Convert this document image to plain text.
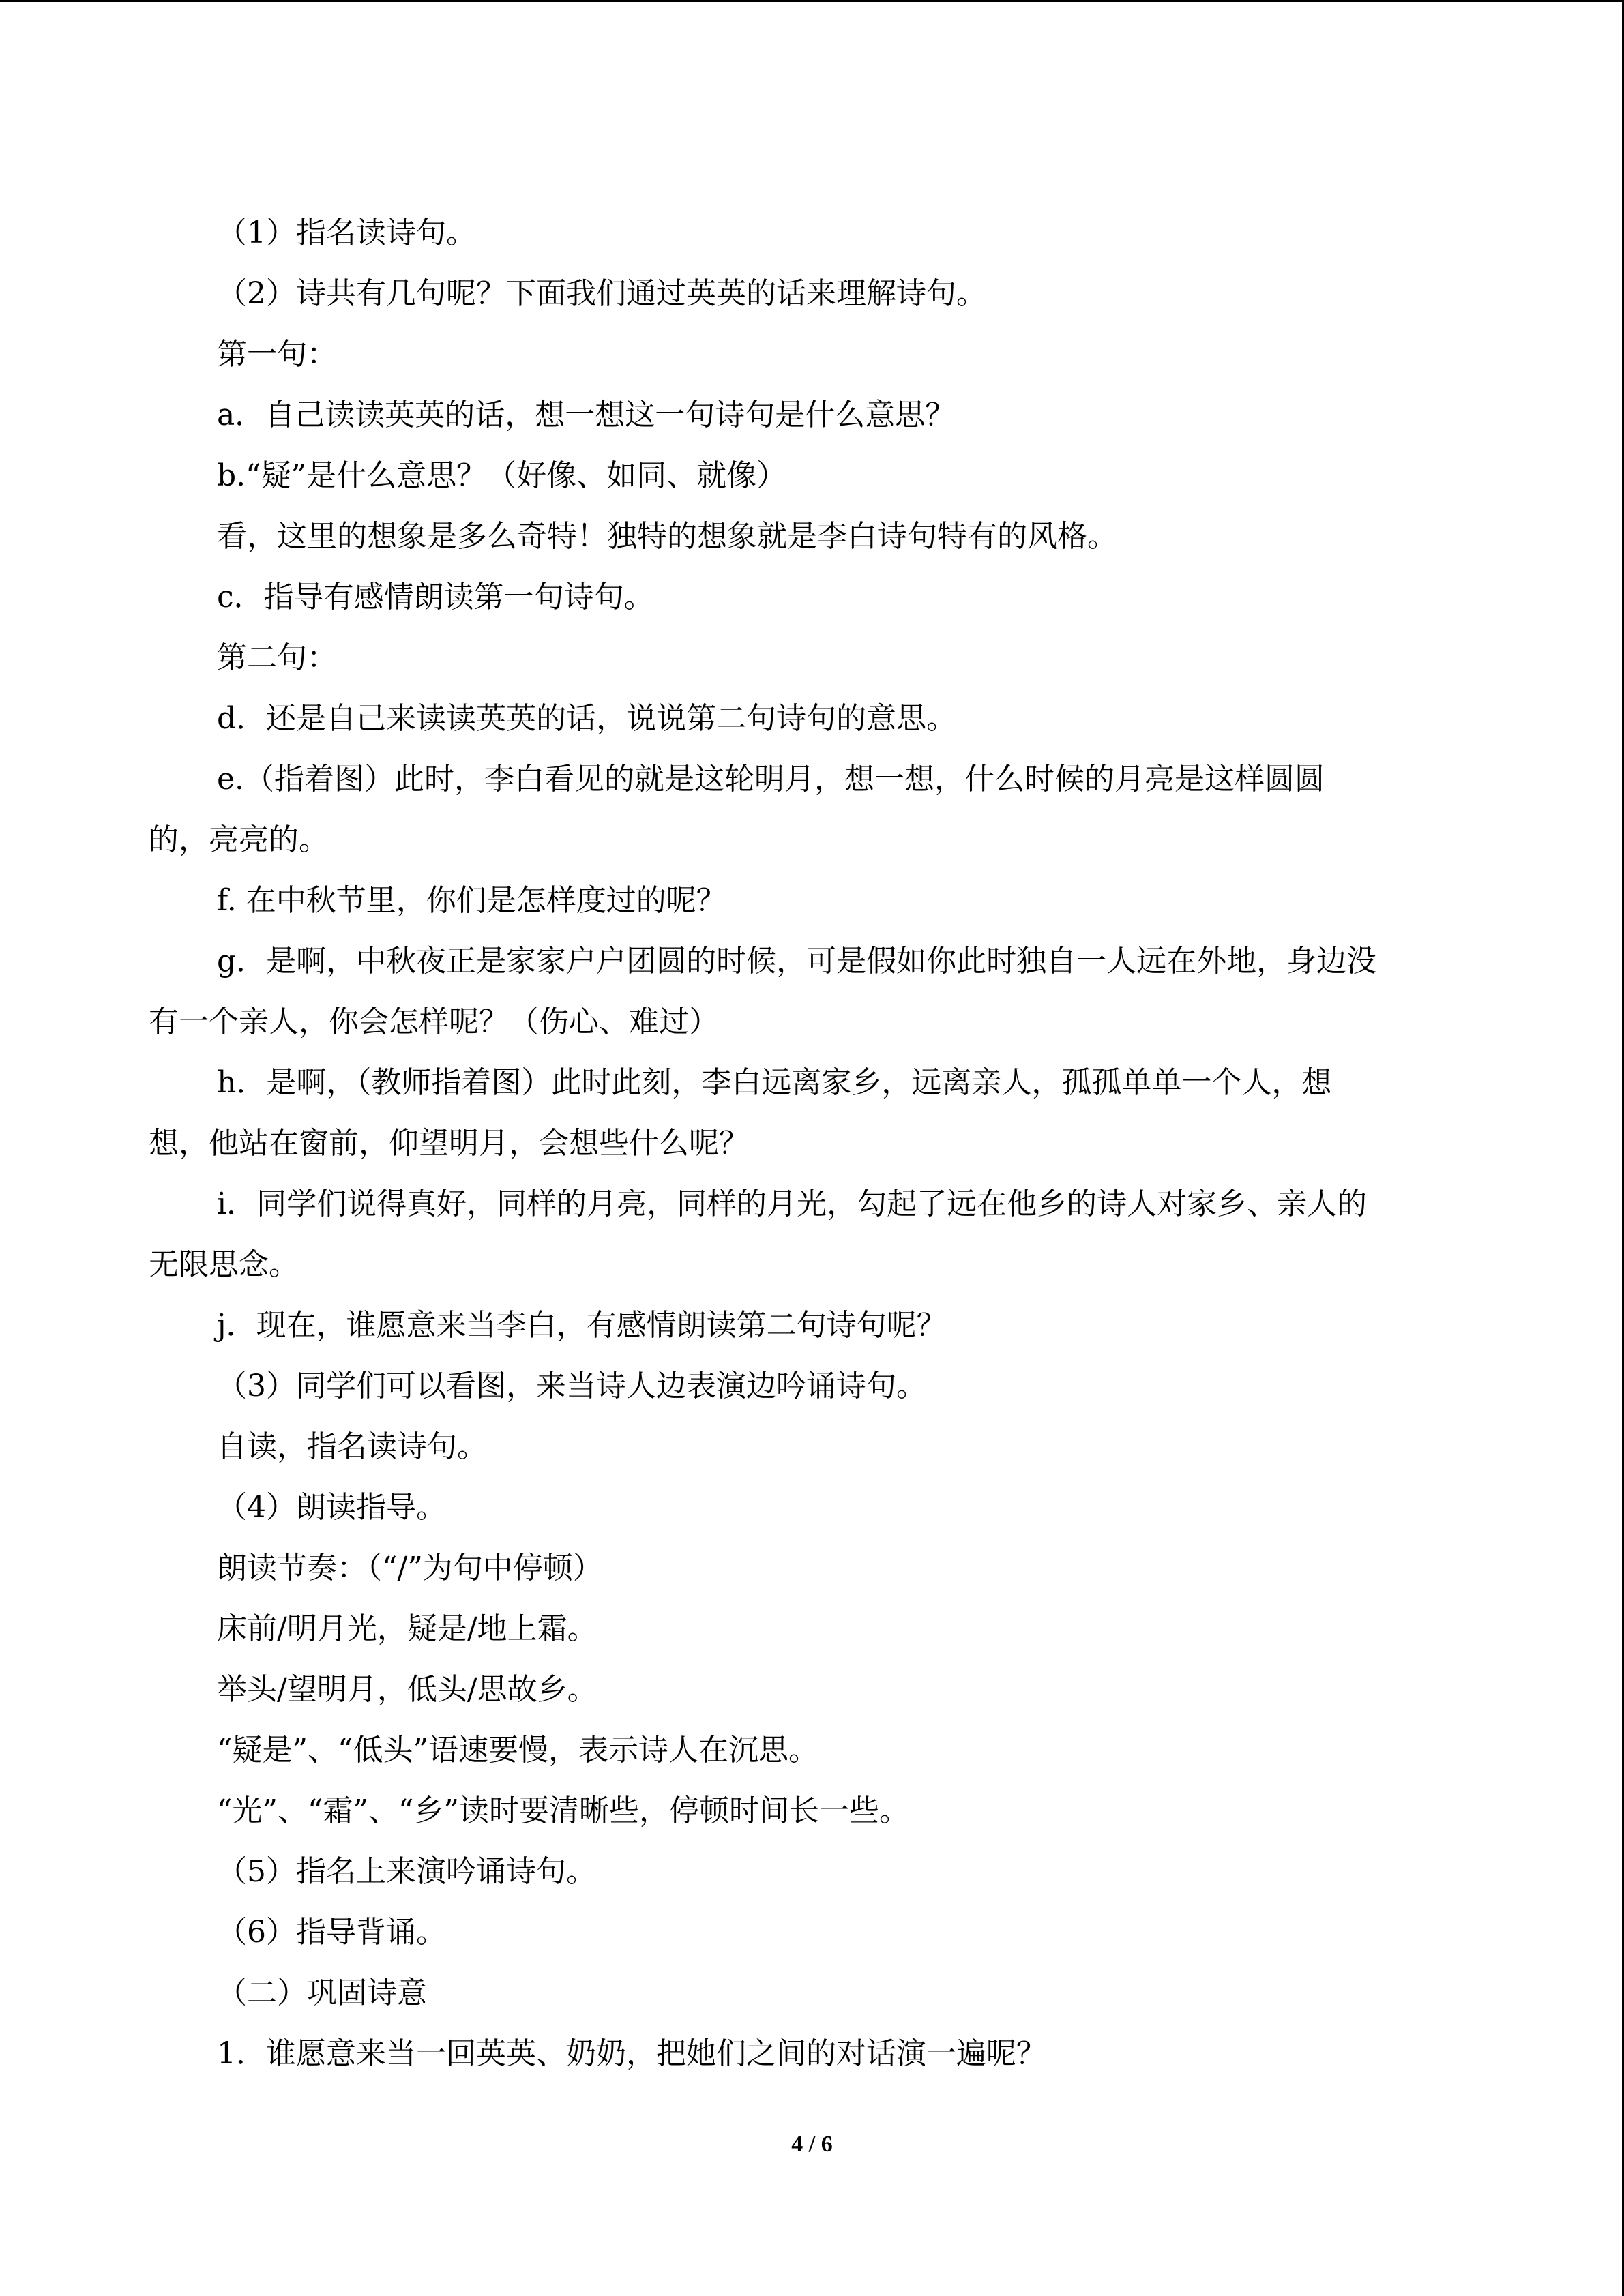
（1）指名读诗句。
（2）诗共有几句呢？下面我们通过英英的话来理解诗句。
第一句：
a．自己读读英英的话，想一想这一句诗句是什么意思？
b.“疑”是什么意思？（好像、如同、就像）
看，这里的想象是多么奇特！独特的想象就是李白诗句特有的风格。
c．指导有感情朗读第一句诗句。
第二句：
d．还是自己来读读英英的话，说说第二句诗句的意思。
e.（指着图）此时，李白看见的就是这轮明月，想一想，什么时候的月亮是这样圆圆
的，亮亮的。
f. 在中秋节里，你们是怎样度过的呢？
g．是啊，中秋夜正是家家户户团圆的时候，可是假如你此时独自一人远在外地，身边没
有一个亲人，你会怎样呢？（伤心、难过）
h．是啊，（教师指着图）此时此刻，李白远离家乡，远离亲人，孤孤单单一个人，想
想，他站在窗前，仰望明月，会想些什么呢？
i．同学们说得真好，同样的月亮，同样的月光，勾起了远在他乡的诗人对家乡、亲人的
无限思念。
j．现在，谁愿意来当李白，有感情朗读第二句诗句呢？
（3）同学们可以看图，来当诗人边表演边吟诵诗句。
自读，指名读诗句。
（4）朗读指导。
朗读节奏：（“/”为句中停顿）
床前/明月光，疑是/地上霜。
举头/望明月，低头/思故乡。
“疑是”、“低头”语速要慢，表示诗人在沉思。
“光”、“霜”、“乡”读时要清晰些，停顿时间长一些。
（5）指名上来演吟诵诗句。
（6）指导背诵。
（二）巩固诗意
1．谁愿意来当一回英英、奶奶，把她们之间的对话演一遍呢？
4 / 6
